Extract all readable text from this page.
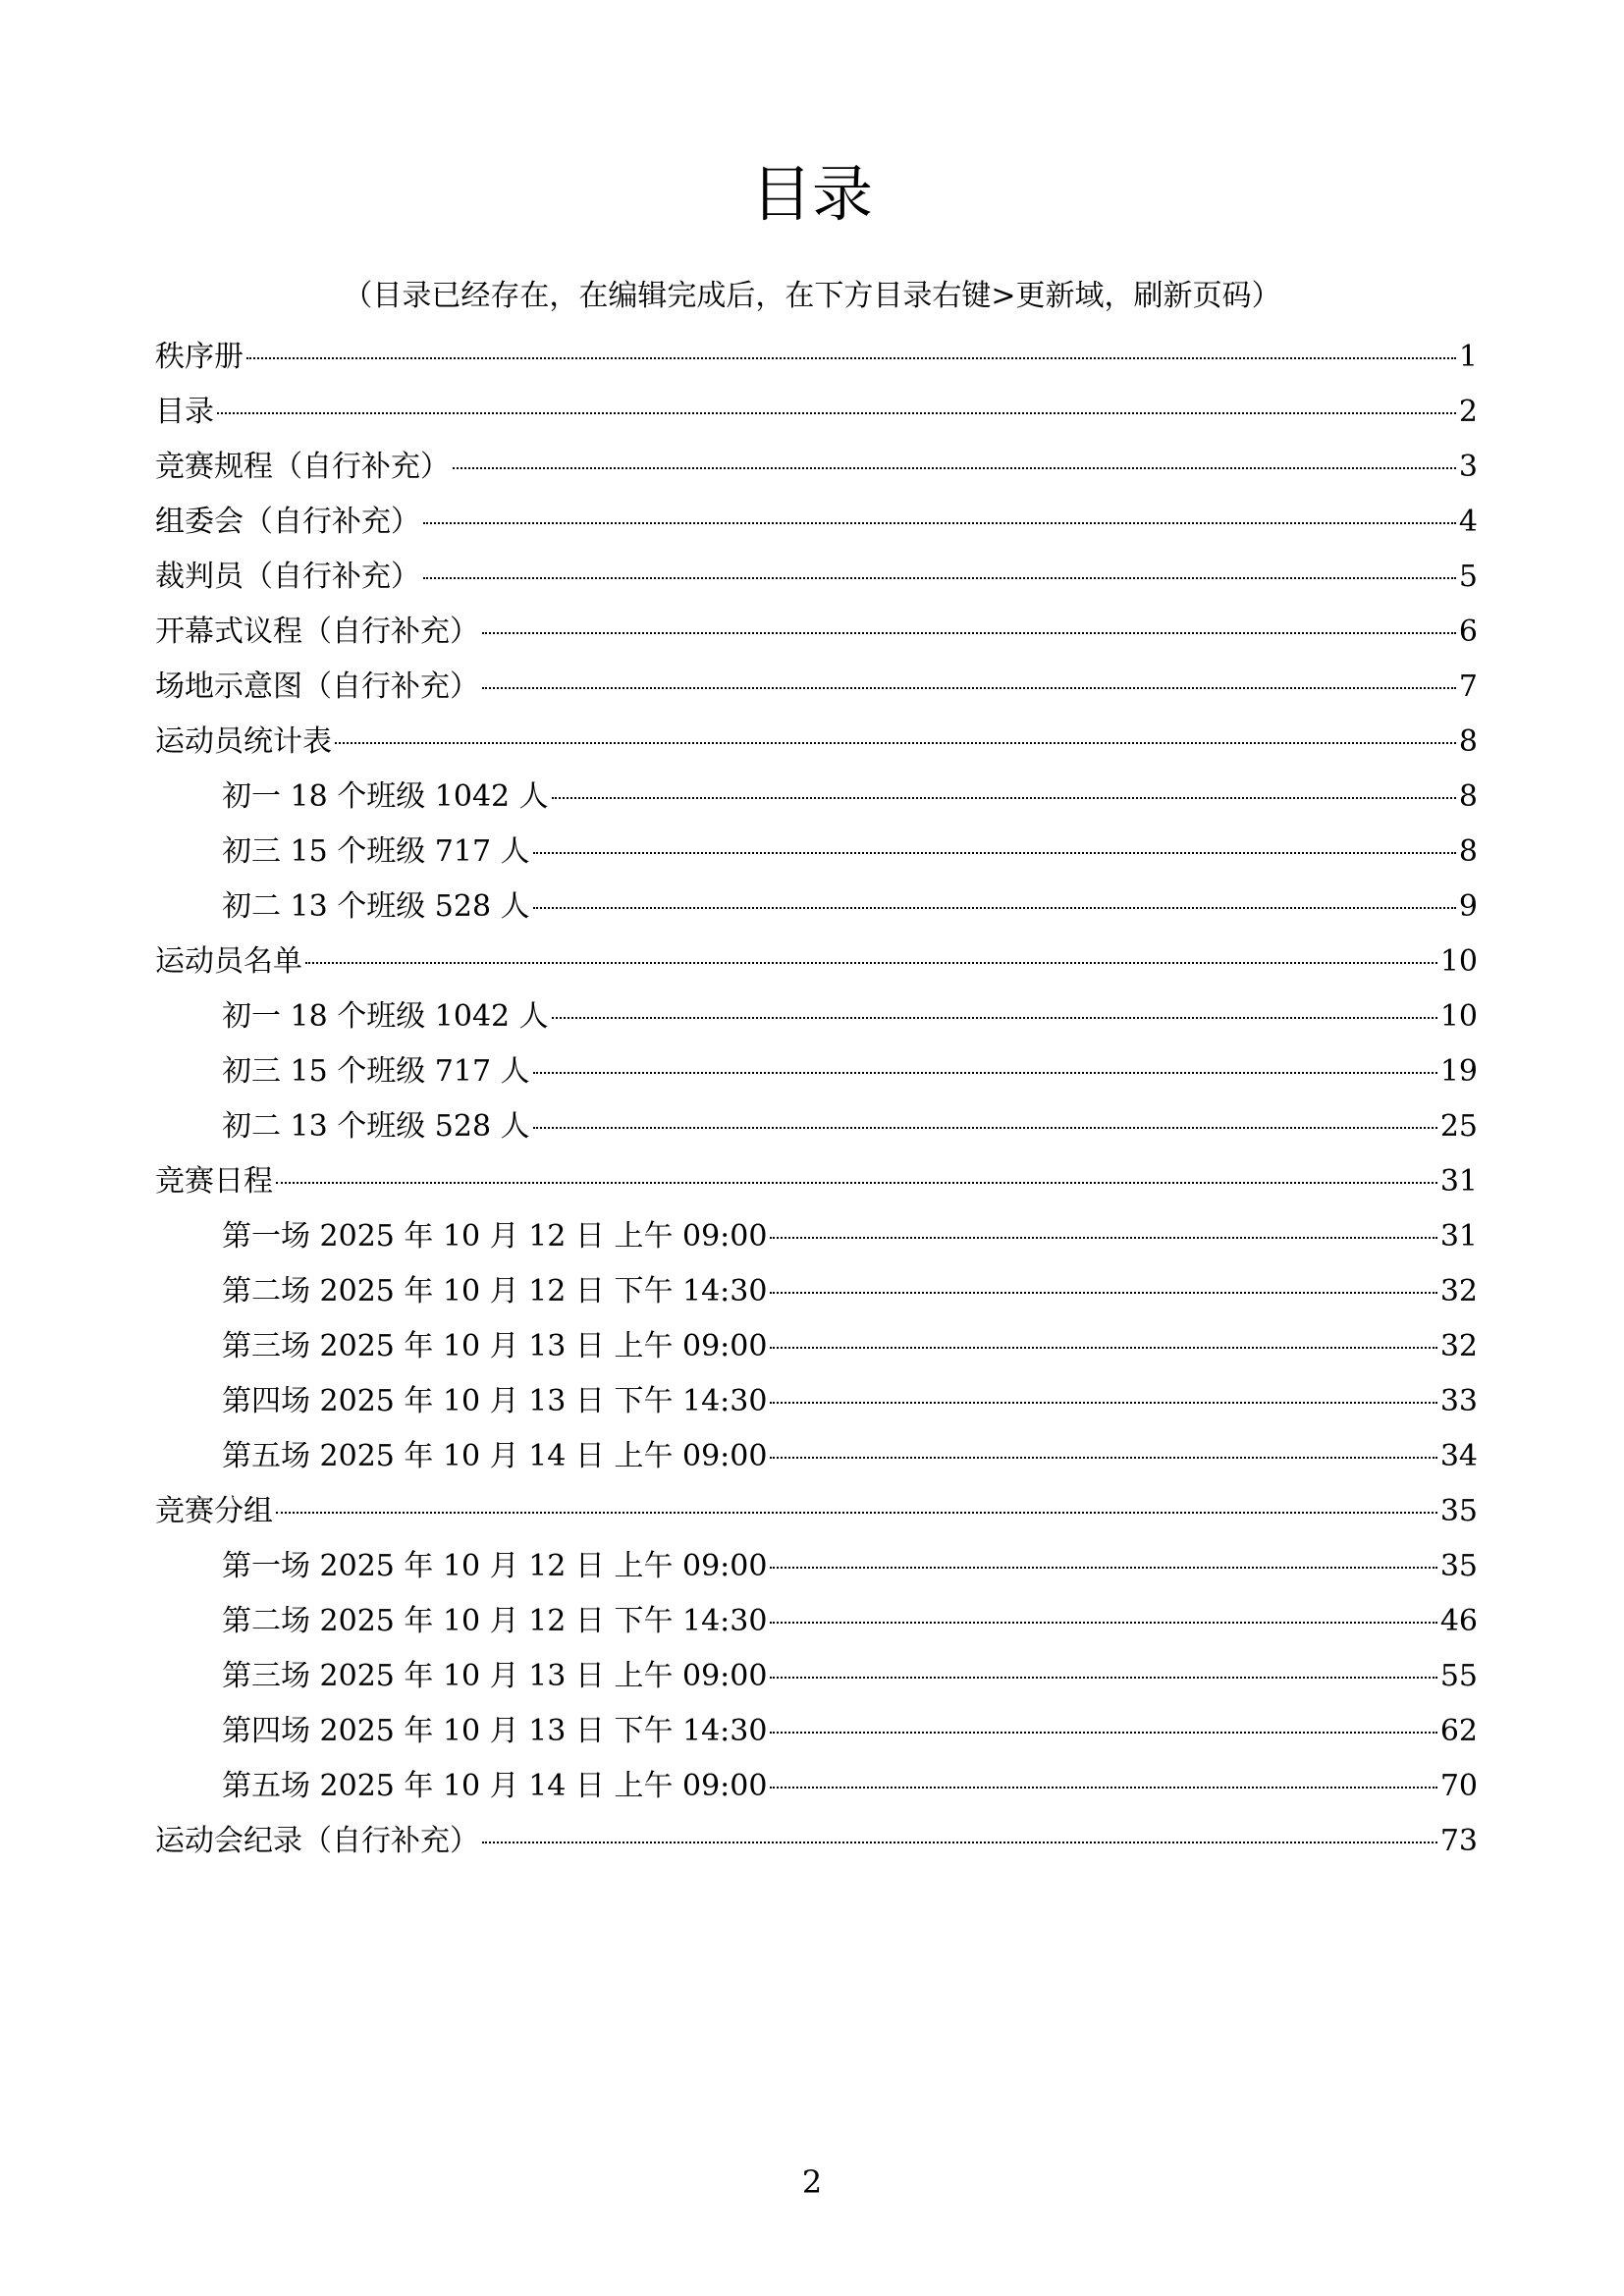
目录

（目录已经存在，在编辑完成后，在下方目录右键>更新域，刷新页码）

秩序册	1
目录	2
竞赛规程（自行补充）	3
组委会（自行补充）	4
裁判员（自行补充）	5
开幕式议程（自行补充）	6
场地示意图（自行补充）	7
运动员统计表	8
初一 18 个班级 1042 人	8
初三 15 个班级 717 人	8
初二 13 个班级 528 人	9
运动员名单	10
初一 18 个班级 1042 人	10
初三 15 个班级 717 人	19
初二 13 个班级 528 人	25
竞赛日程	31
第一场 2025 年 10 月 12 日 上午 09:00	31
第二场 2025 年 10 月 12 日 下午 14:30	32
第三场 2025 年 10 月 13 日 上午 09:00	32
第四场 2025 年 10 月 13 日 下午 14:30	33
第五场 2025 年 10 月 14 日 上午 09:00	34
竞赛分组	35
第一场 2025 年 10 月 12 日 上午 09:00	35
第二场 2025 年 10 月 12 日 下午 14:30	46
第三场 2025 年 10 月 13 日 上午 09:00	55
第四场 2025 年 10 月 13 日 下午 14:30	62
第五场 2025 年 10 月 14 日 上午 09:00	70
运动会纪录（自行补充）	73
2
